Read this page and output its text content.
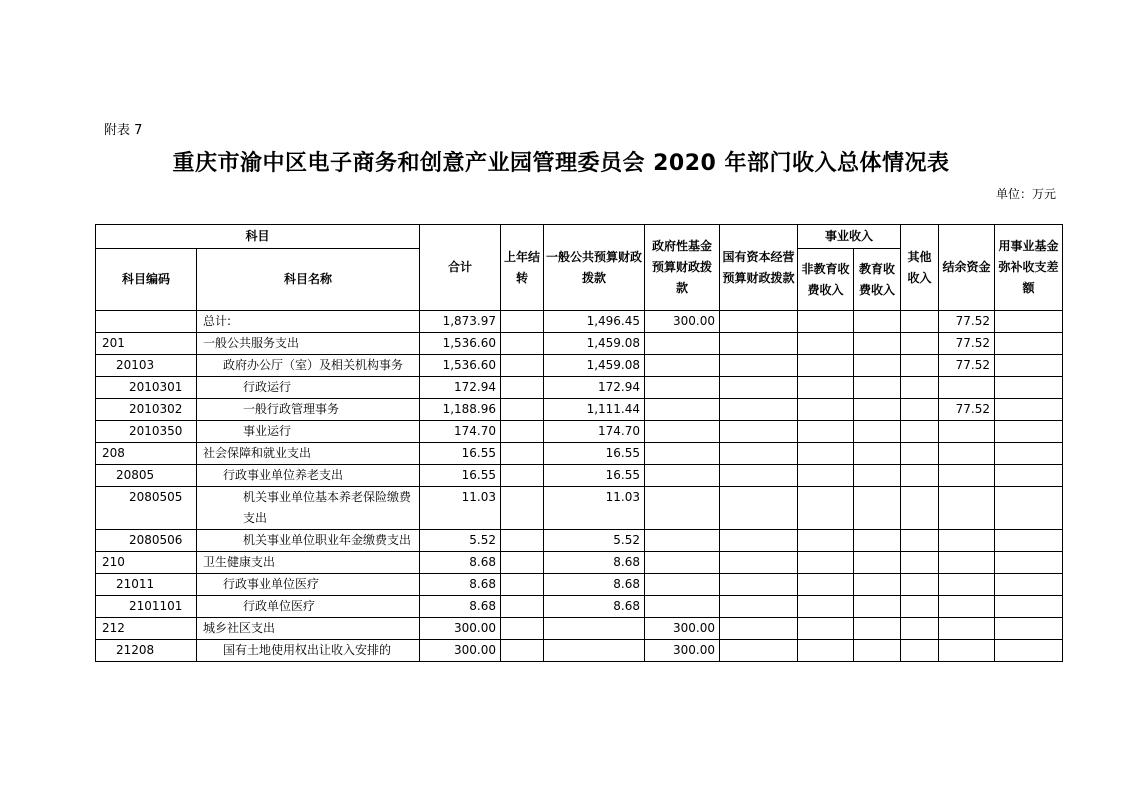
附表 7
重庆市渝中区电子商务和创意产业园管理委员会 2020 年部门收入总体情况表
单位：万元
科目		合计	上年结转	一般公共预算财政拨款	政府性基金预算财政拨款	国有资本经营预算财政拨款	事业收入		其他收入	结余资金	用事业基金弥补收支差额
科目编码	科目名称						非教育收费收入	教育收费收入			

	总计:	1,873.97		1,496.45	300.00					77.52	
201	一般公共服务支出	1,536.60		1,459.08						77.52	
20103	政府办公厅（室）及相关机构事务	1,536.60		1,459.08						77.52	
2010301	行政运行	172.94		172.94							
2010302	一般行政管理事务	1,188.96		1,111.44						77.52	
2010350	事业运行	174.70		174.70							
208	社会保障和就业支出	16.55		16.55							
20805	行政事业单位养老支出	16.55		16.55							
2080505	机关事业单位基本养老保险缴费支出	11.03		11.03							
2080506	机关事业单位职业年金缴费支出	5.52		5.52							
210	卫生健康支出	8.68		8.68							
21011	行政事业单位医疗	8.68		8.68							
2101101	行政单位医疗	8.68		8.68							
212	城乡社区支出	300.00			300.00						
21208	国有土地使用权出让收入安排的	300.00			300.00						
